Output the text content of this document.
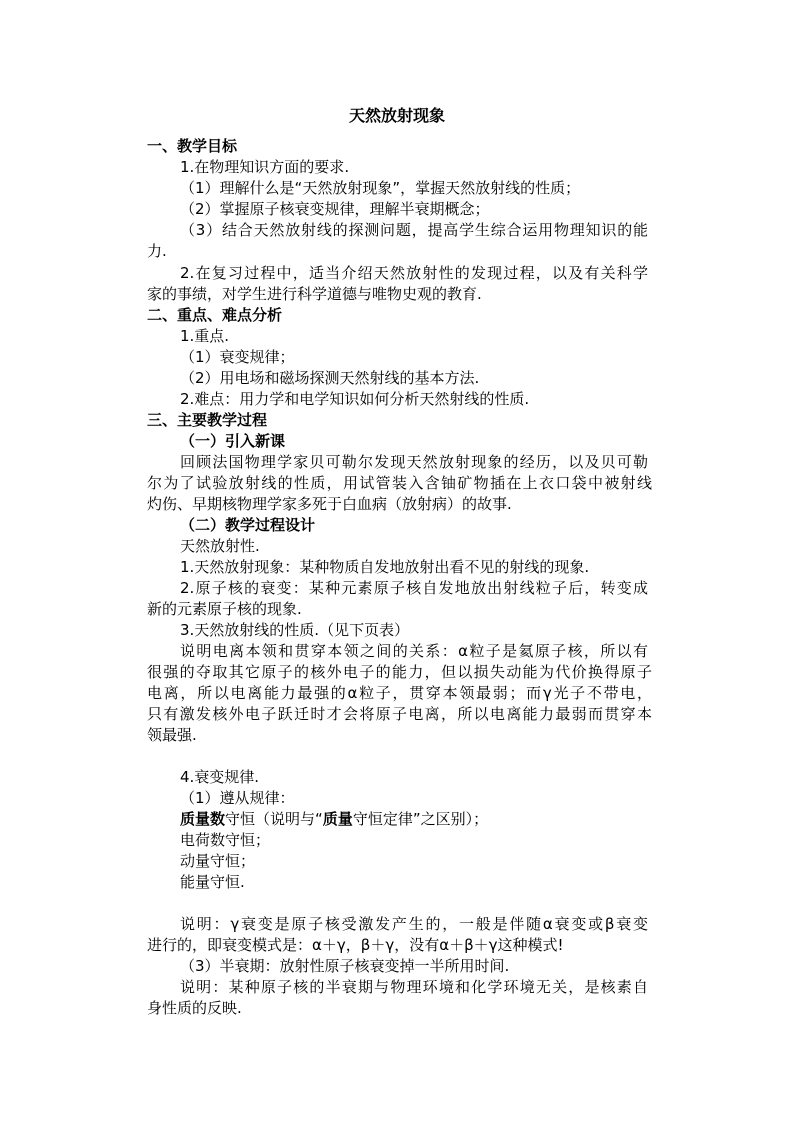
天然放射现象
一、教学目标
1.在物理知识方面的要求.
（1）理解什么是“天然放射现象”，掌握天然放射线的性质；
（2）掌握原子核衰变规律，理解半衰期概念；
（3）结合天然放射线的探测问题，提高学生综合运用物理知识的能
力.
2.在复习过程中，适当介绍天然放射性的发现过程，以及有关科学
家的事绩，对学生进行科学道德与唯物史观的教育.
二、重点、难点分析
1.重点.
（1）衰变规律；
（2）用电场和磁场探测天然射线的基本方法.
2.难点：用力学和电学知识如何分析天然射线的性质.
三、主要教学过程
（一）引入新课
回顾法国物理学家贝可勒尔发现天然放射现象的经历，以及贝可勒
尔为了试验放射线的性质，用试管装入含铀矿物插在上衣口袋中被射线
灼伤、早期核物理学家多死于白血病（放射病）的故事.
（二）教学过程设计
天然放射性.
1.天然放射现象：某种物质自发地放射出看不见的射线的现象.
2.原子核的衰变：某种元素原子核自发地放出射线粒子后，转变成
新的元素原子核的现象.
3.天然放射线的性质.（见下页表）
说明电离本领和贯穿本领之间的关系：α粒子是氦原子核，所以有
很强的夺取其它原子的核外电子的能力，但以损失动能为代价换得原子
电离，所以电离能力最强的α粒子，贯穿本领最弱；而γ光子不带电，
只有激发核外电子跃迁时才会将原子电离，所以电离能力最弱而贯穿本
领最强.
4.衰变规律.
（1）遵从规律：
质量数守恒（说明与“质量守恒定律”之区别）；
电荷数守恒；
动量守恒；
能量守恒.
说明：γ衰变是原子核受激发产生的，一般是伴随α衰变或β衰变
进行的，即衰变模式是：α＋γ，β＋γ，没有α＋β＋γ这种模式!
（3）半衰期：放射性原子核衰变掉一半所用时间.
说明：某种原子核的半衰期与物理环境和化学环境无关，是核素自
身性质的反映.
